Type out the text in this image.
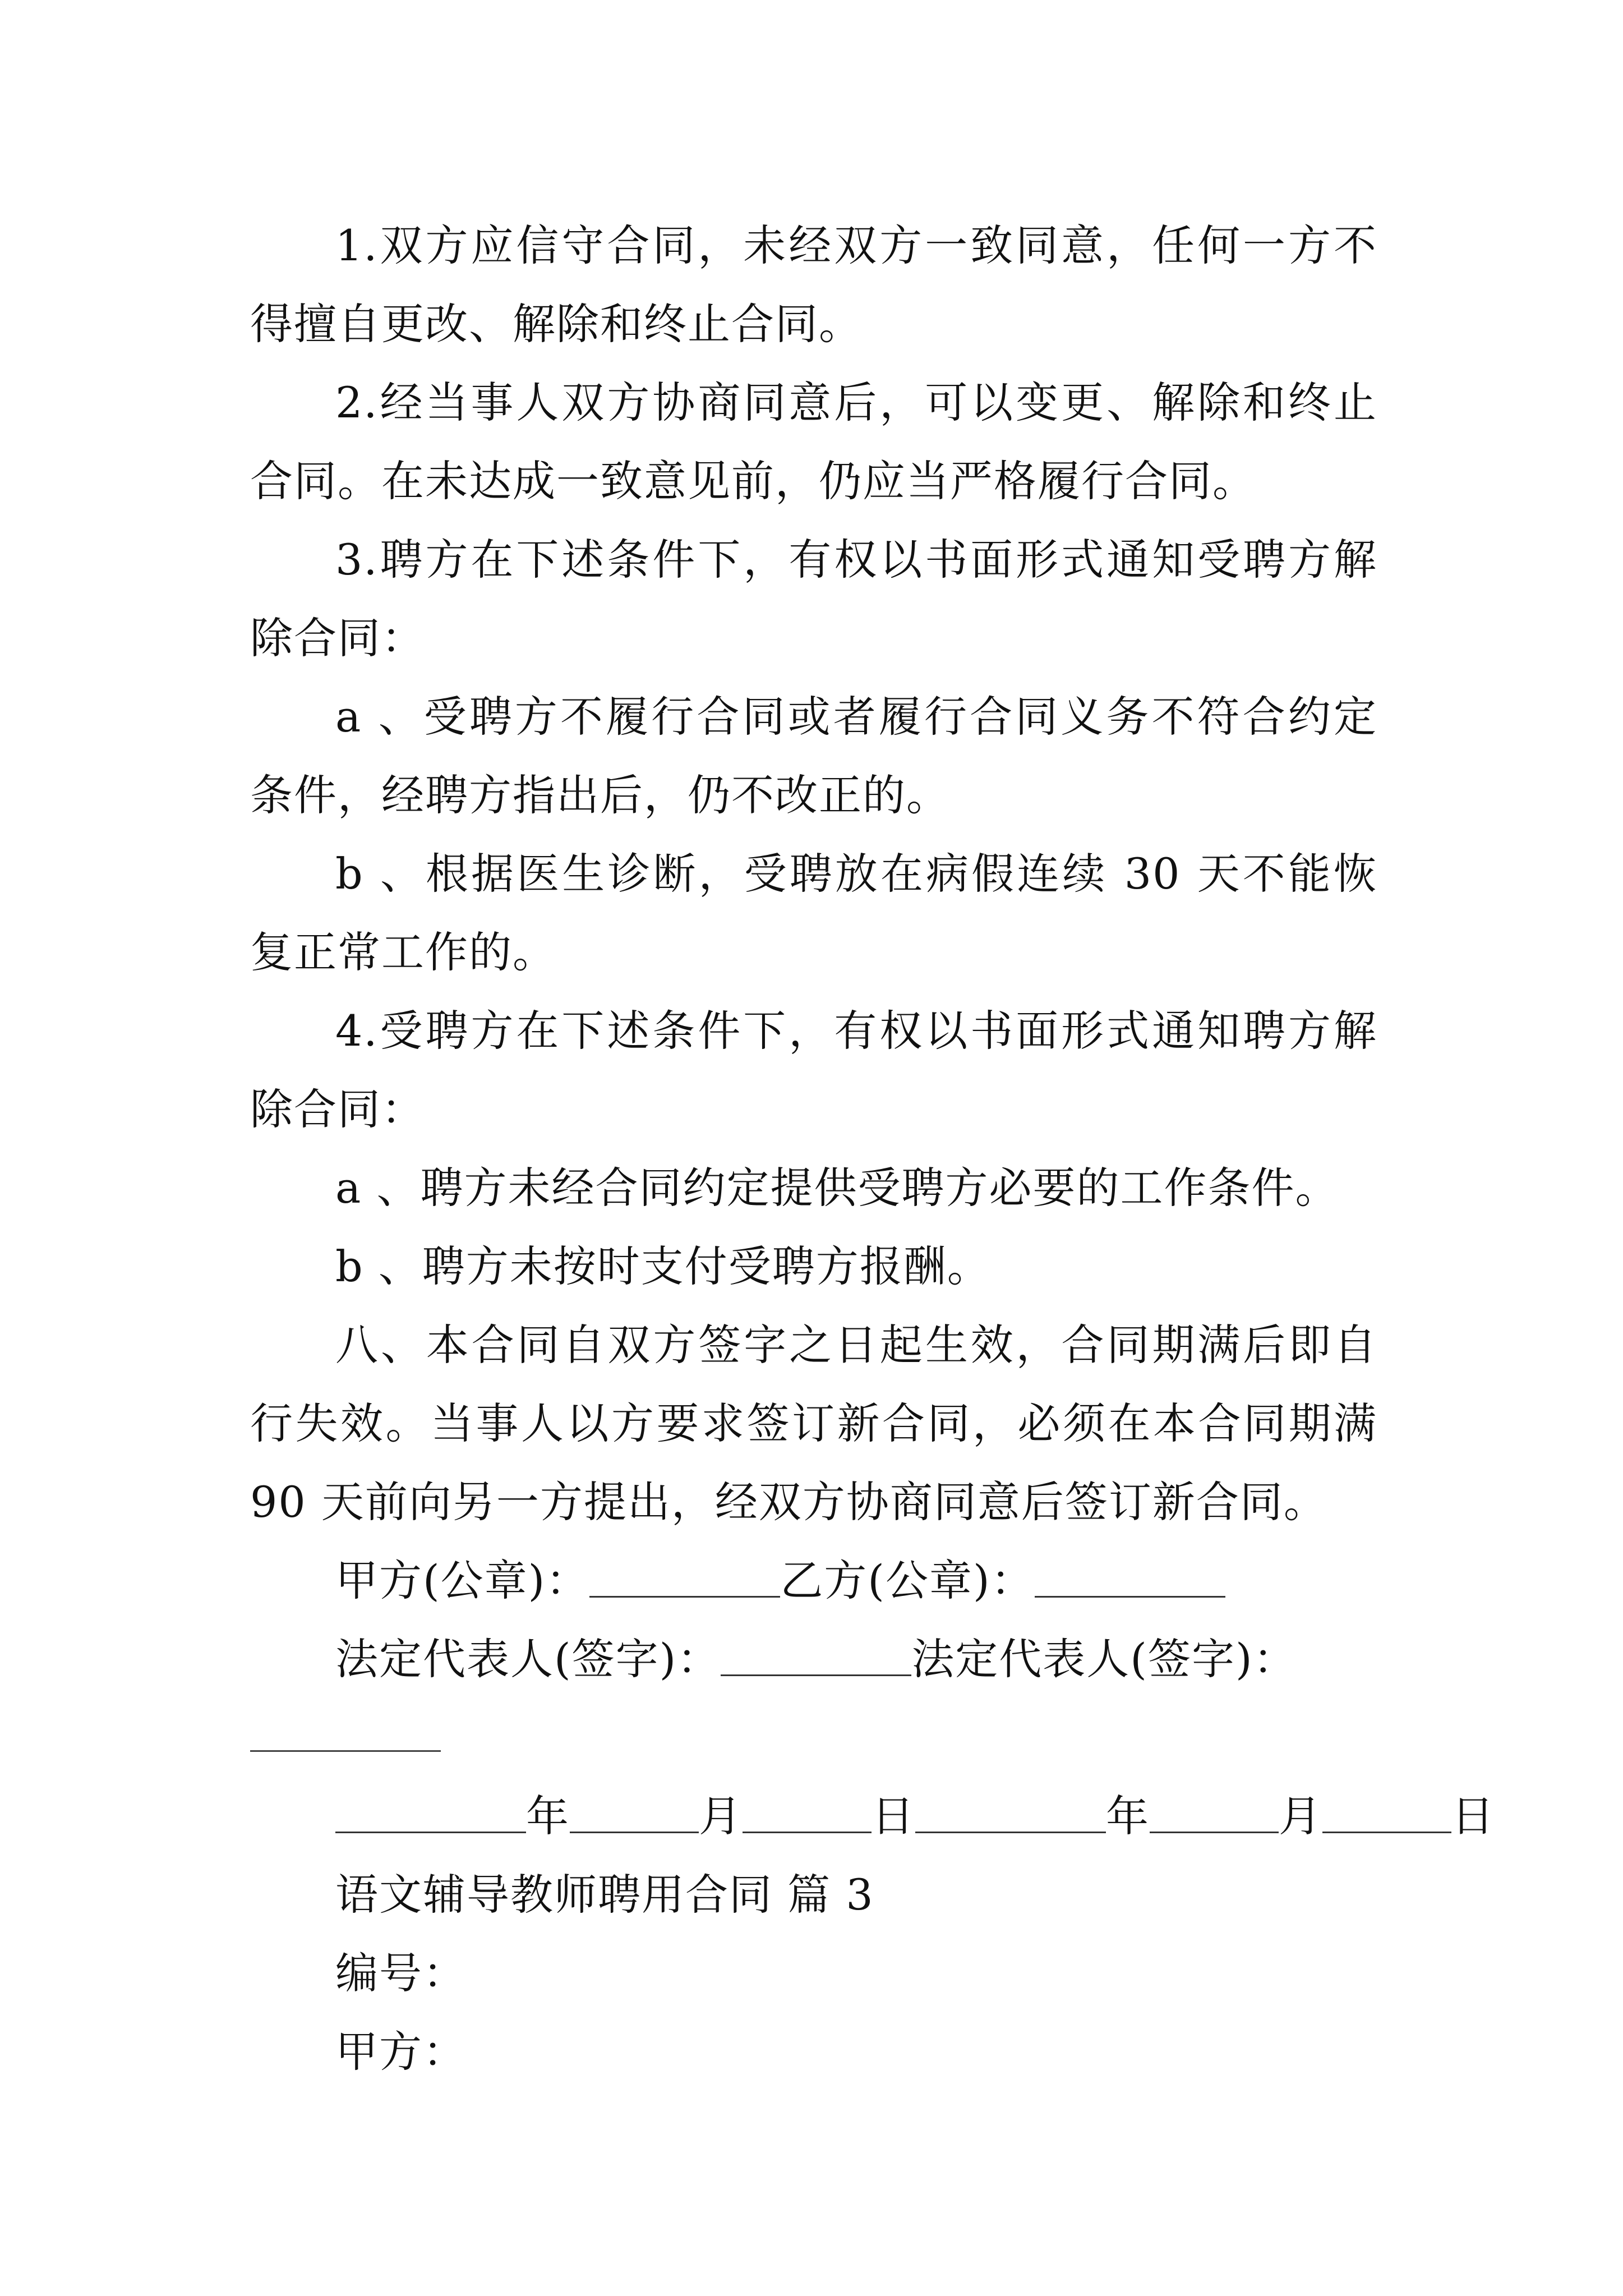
1.双方应信守合同，未经双方一致同意，任何一方不得擅自更改、解除和终止合同。

2.经当事人双方协商同意后，可以变更、解除和终止合同。在未达成一致意见前，仍应当严格履行合同。

3.聘方在下述条件下，有权以书面形式通知受聘方解除合同：

a 、受聘方不履行合同或者履行合同义务不符合约定条件，经聘方指出后，仍不改正的。

b 、根据医生诊断，受聘放在病假连续 30 天不能恢复正常工作的。

4.受聘方在下述条件下，有权以书面形式通知聘方解除合同：

a 、聘方未经合同约定提供受聘方必要的工作条件。

b 、聘方未按时支付受聘方报酬。

八、本合同自双方签字之日起生效，合同期满后即自行失效。当事人以方要求签订新合同，必须在本合同期满 90 天前向另一方提出，经双方协商同意后签订新合同。

甲方(公章)：	乙方(公章)：

法定代表人(签字)：	法定代表人(签字)：

年	月	日	年	月	日

语文辅导教师聘用合同 篇 3

编号：

甲方：
